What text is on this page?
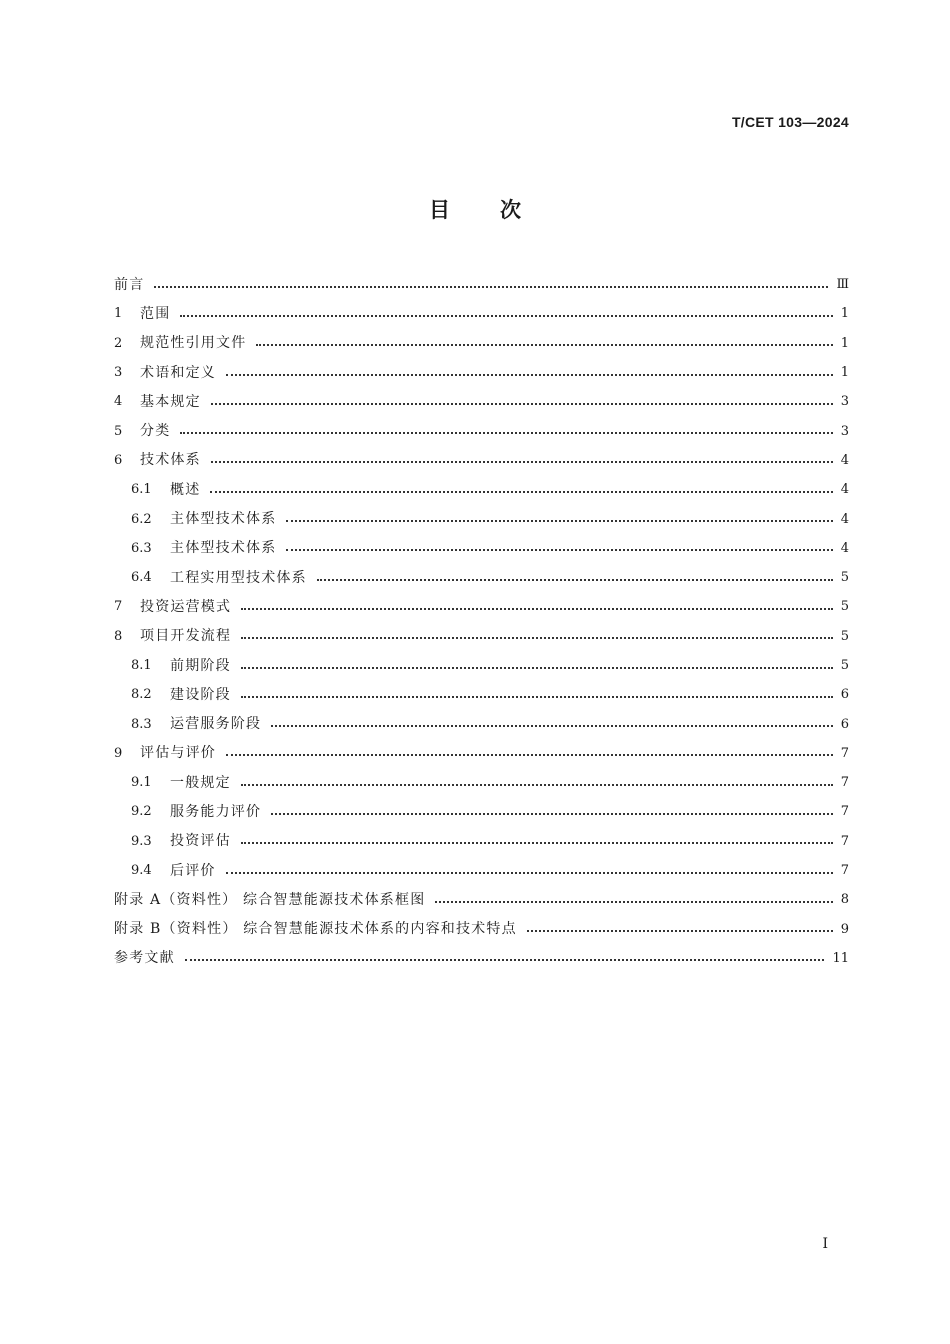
T/CET 103—2024
目 次
前言	Ⅲ
1	范围	1
2	规范性引用文件	1
3	术语和定义	1
4	基本规定	3
5	分类	3
6	技术体系	4
6.1	概述	4
6.2	主体型技术体系	4
6.3	主体型技术体系	4
6.4	工程实用型技术体系	5
7	投资运营模式	5
8	项目开发流程	5
8.1	前期阶段	5
8.2	建设阶段	6
8.3	运营服务阶段	6
9	评估与评价	7
9.1	一般规定	7
9.2	服务能力评价	7
9.3	投资评估	7
9.4	后评价	7
附录 A（资料性） 综合智慧能源技术体系框图	8
附录 B（资料性） 综合智慧能源技术体系的内容和技术特点	9
参考文献	11
I
